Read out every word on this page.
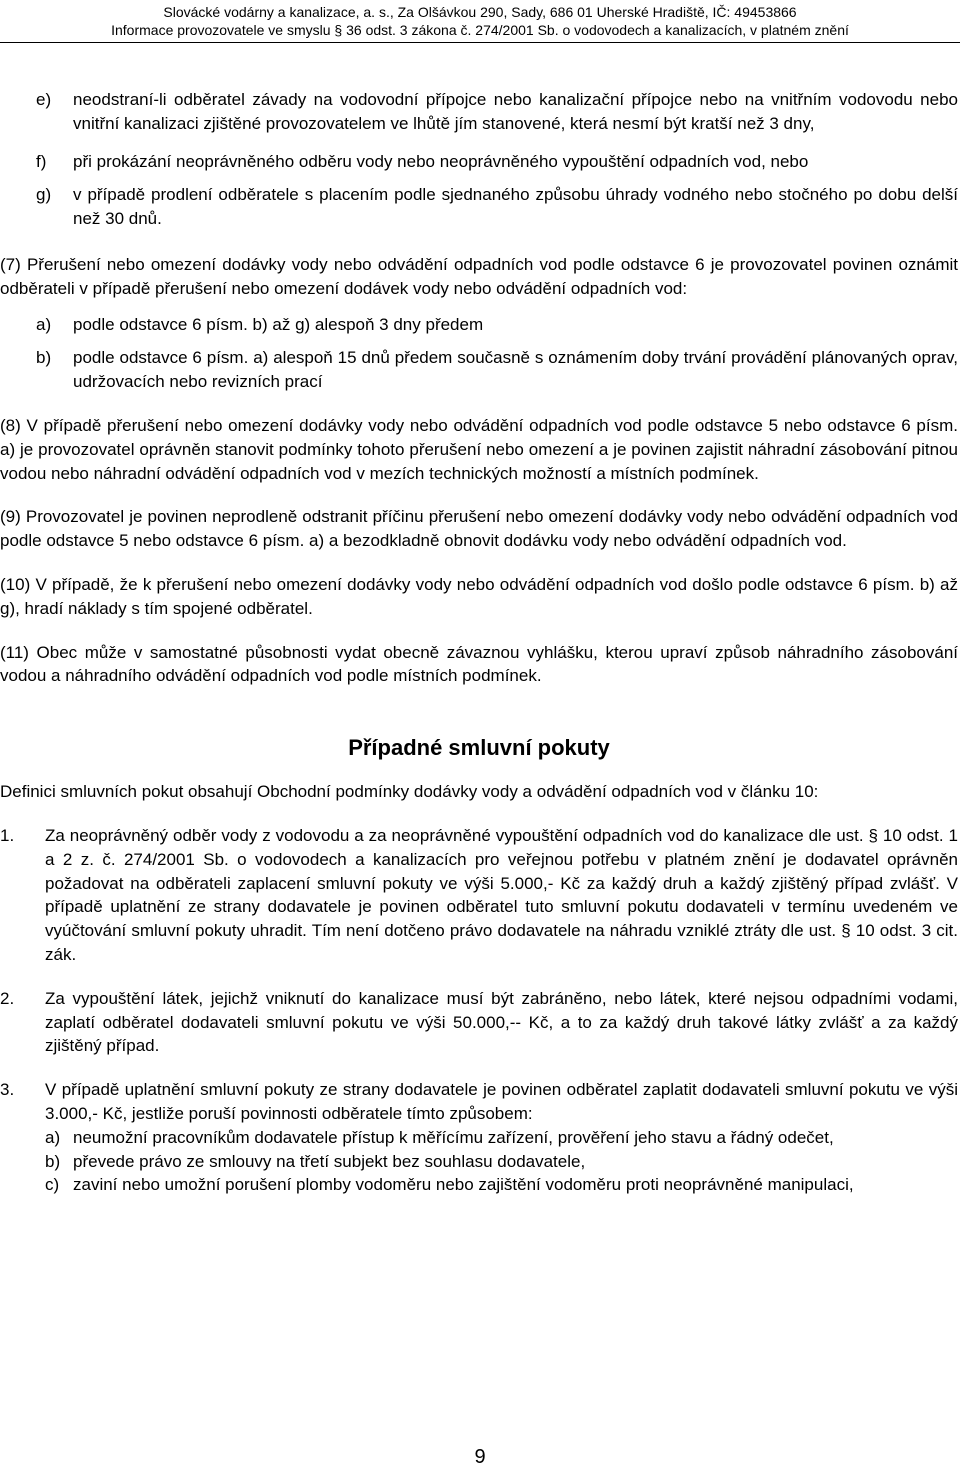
Slovácké vodárny a kanalizace, a. s., Za Olšávkou 290, Sady, 686 01 Uherské Hradiště, IČ: 49453866
Informace provozovatele ve smyslu § 36 odst. 3 zákona č. 274/2001 Sb. o vodovodech a kanalizacích, v platném znění
e) neodstraní-li odběratel závady na vodovodní přípojce nebo kanalizační přípojce nebo na vnitřním vodovodu nebo vnitřní kanalizaci zjištěné provozovatelem ve lhůtě jím stanovené, která nesmí být kratší než 3 dny,
f) při prokázání neoprávněného odběru vody nebo neoprávněného vypouštění odpadních vod, nebo
g) v případě prodlení odběratele s placením podle sjednaného způsobu úhrady vodného nebo stočného po dobu delší než 30 dnů.

(7) Přerušení nebo omezení dodávky vody nebo odvádění odpadních vod podle odstavce 6 je provozovatel povinen oznámit odběrateli v případě přerušení nebo omezení dodávek vody nebo odvádění odpadních vod:

a) podle odstavce 6 písm. b) až g) alespoň 3 dny předem
b) podle odstavce 6 písm. a) alespoň 15 dnů předem současně s oznámením doby trvání provádění plánovaných oprav, udržovacích nebo revizních prací

(8) V případě přerušení nebo omezení dodávky vody nebo odvádění odpadních vod podle odstavce 5 nebo odstavce 6 písm. a) je provozovatel oprávněn stanovit podmínky tohoto přerušení nebo omezení a je povinen zajistit náhradní zásobování pitnou vodou nebo náhradní odvádění odpadních vod v mezích technických možností a místních podmínek.

(9) Provozovatel je povinen neprodleně odstranit příčinu přerušení nebo omezení dodávky vody nebo odvádění odpadních vod podle odstavce 5 nebo odstavce 6 písm. a) a bezodkladně obnovit dodávku vody nebo odvádění odpadních vod.

(10) V případě, že k přerušení nebo omezení dodávky vody nebo odvádění odpadních vod došlo podle odstavce 6 písm. b) až g), hradí náklady s tím spojené odběratel.

(11) Obec může v samostatné působnosti vydat obecně závaznou vyhlášku, kterou upraví způsob náhradního zásobování vodou a náhradního odvádění odpadních vod podle místních podmínek.

Případné smluvní pokuty

Definici smluvních pokut obsahují Obchodní podmínky dodávky vody a odvádění odpadních vod v článku 10:

1. Za neoprávněný odběr vody z vodovodu a za neoprávněné vypouštění odpadních vod do kanalizace dle ust. § 10 odst. 1 a 2 z. č. 274/2001 Sb. o vodovodech a kanalizacích pro veřejnou potřebu v platném znění je dodavatel oprávněn požadovat na odběrateli zaplacení smluvní pokuty ve výši 5.000,- Kč za každý druh a každý zjištěný případ zvlášť. V případě uplatnění ze strany dodavatele je povinen odběratel tuto smluvní pokutu dodavateli v termínu uvedeném ve vyúčtování smluvní pokuty uhradit. Tím není dotčeno právo dodavatele na náhradu vzniklé ztráty dle ust. § 10 odst. 3 cit. zák.
2. Za vypouštění látek, jejichž vniknutí do kanalizace musí být zabráněno, nebo látek, které nejsou odpadními vodami, zaplatí odběratel dodavateli smluvní pokutu ve výši 50.000,-- Kč, a to za každý druh takové látky zvlášť a za každý zjištěný případ.
3. V případě uplatnění smluvní pokuty ze strany dodavatele je povinen odběratel zaplatit dodavateli smluvní pokutu ve výši 3.000,- Kč, jestliže poruší povinnosti odběratele tímto způsobem:
a) neumožní pracovníkům dodavatele přístup k měřícímu zařízení, prověření jeho stavu a řádný odečet,
b) převede právo ze smlouvy na třetí subjekt bez souhlasu dodavatele,
c) zaviní nebo umožní porušení plomby vodoměru nebo zajištění vodoměru proti neoprávněné manipulaci,
9
